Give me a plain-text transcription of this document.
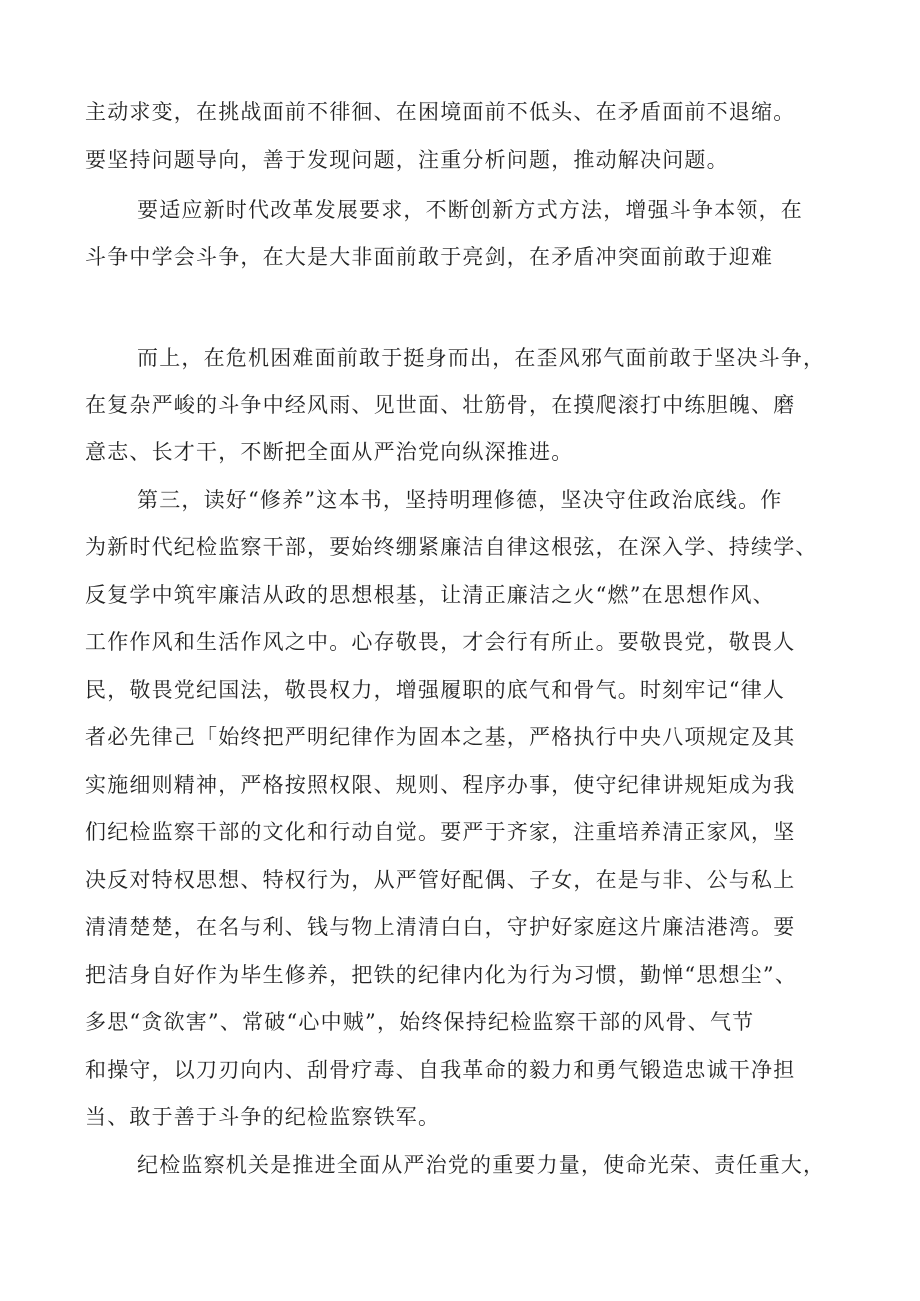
主动求变，在挑战面前不徘徊、在困境面前不低头、在矛盾面前不退缩。

要坚持问题导向，善于发现问题，注重分析问题，推动解决问题。

要适应新时代改革发展要求，不断创新方式方法，增强斗争本领，在

斗争中学会斗争，在大是大非面前敢于亮剑，在矛盾冲突面前敢于迎难

而上，在危机困难面前敢于挺身而出，在歪风邪气面前敢于坚决斗争，

在复杂严峻的斗争中经风雨、见世面、壮筋骨，在摸爬滚打中练胆魄、磨

意志、长才干，不断把全面从严治党向纵深推进。

第三，读好“修养”这本书，坚持明理修德，坚决守住政治底线。作

为新时代纪检监察干部，要始终绷紧廉洁自律这根弦，在深入学、持续学、

反复学中筑牢廉洁从政的思想根基，让清正廉洁之火“燃”在思想作风、

工作作风和生活作风之中。心存敬畏，才会行有所止。要敬畏党，敬畏人

民，敬畏党纪国法，敬畏权力，增强履职的底气和骨气。时刻牢记“律人

者必先律己「始终把严明纪律作为固本之基，严格执行中央八项规定及其

实施细则精神，严格按照权限、规则、程序办事，使守纪律讲规矩成为我

们纪检监察干部的文化和行动自觉。要严于齐家，注重培养清正家风，坚

决反对特权思想、特权行为，从严管好配偶、子女，在是与非、公与私上

清清楚楚，在名与利、钱与物上清清白白，守护好家庭这片廉洁港湾。要

把洁身自好作为毕生修养，把铁的纪律内化为行为习惯，勤惮“思想尘”、

多思“贪欲害”、常破“心中贼”，始终保持纪检监察干部的风骨、气节

和操守，以刀刃向内、刮骨疗毒、自我革命的毅力和勇气锻造忠诚干净担

当、敢于善于斗争的纪检监察铁军。

纪检监察机关是推进全面从严治党的重要力量，使命光荣、责任重大，
